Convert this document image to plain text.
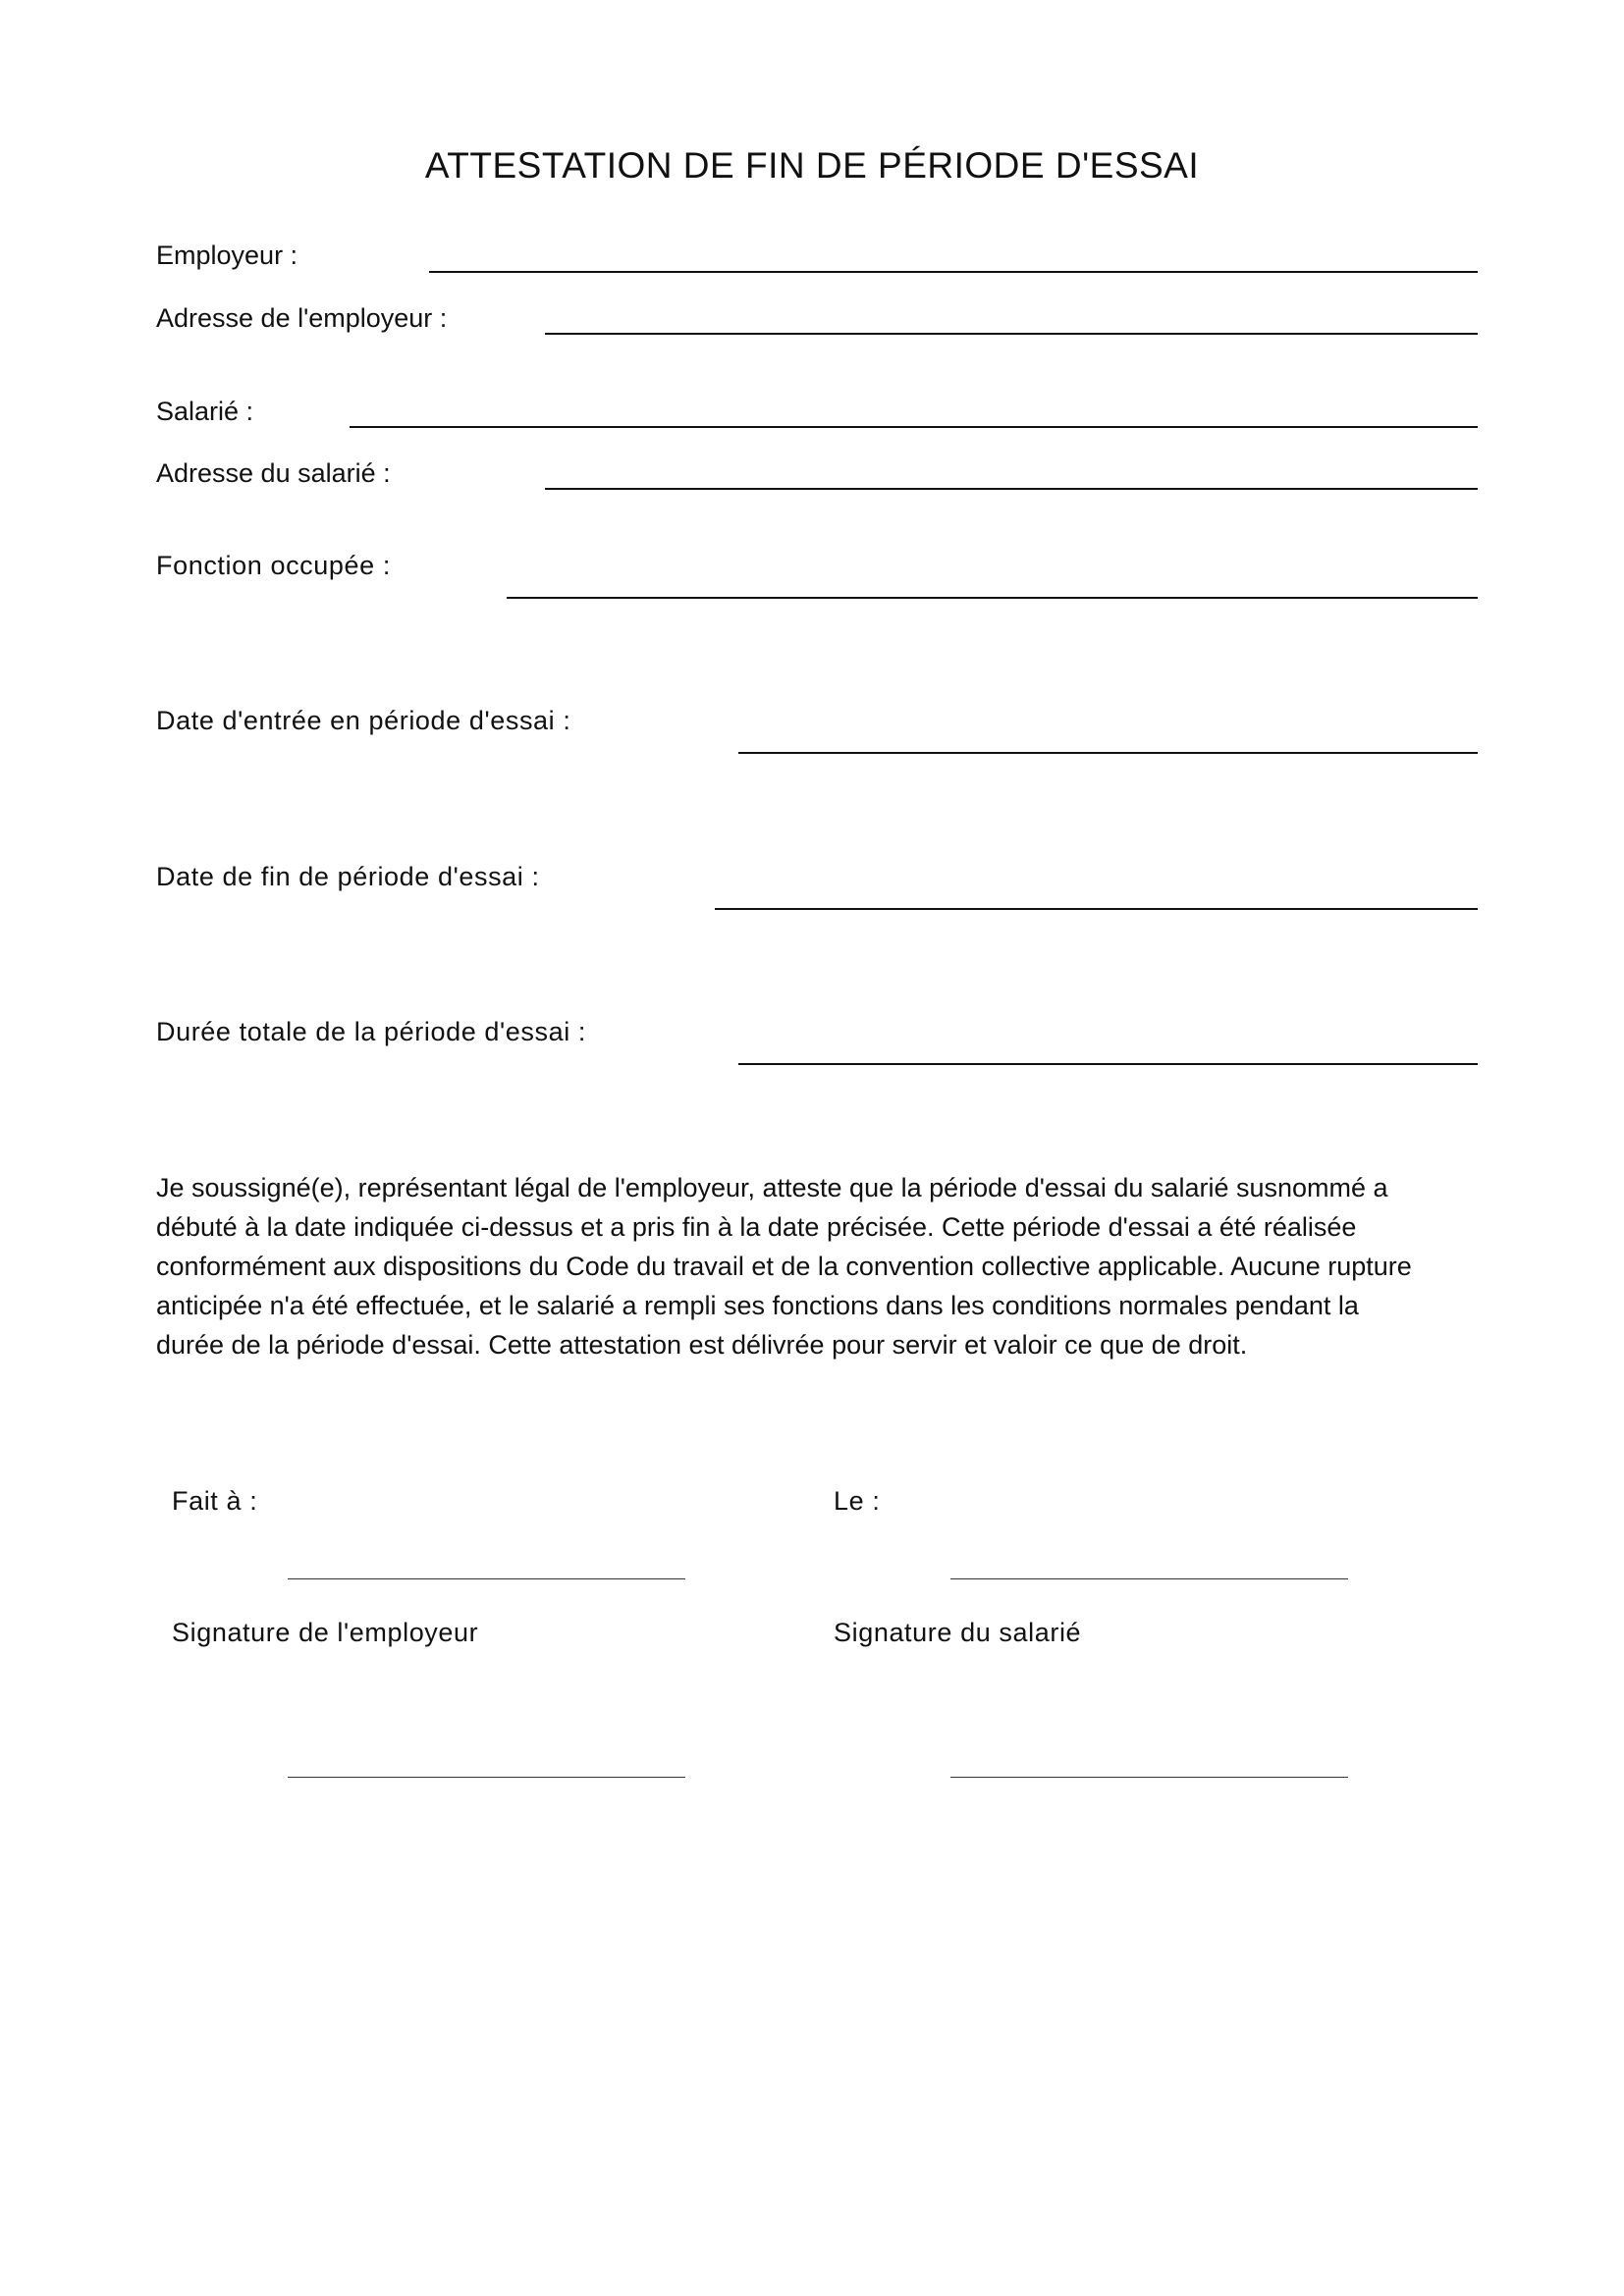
ATTESTATION DE FIN DE PÉRIODE D'ESSAI
Employeur :
Adresse de l'employeur :
Salarié :
Adresse du salarié :
Fonction occupée :
Date d'entrée en période d'essai :
Date de fin de période d'essai :
Durée totale de la période d'essai :

Je soussigné(e), représentant légal de l'employeur, atteste que la période d'essai du salarié susnommé a
débuté à la date indiquée ci-dessus et a pris fin à la date précisée. Cette période d'essai a été réalisée
conformément aux dispositions du Code du travail et de la convention collective applicable. Aucune rupture
anticipée n'a été effectuée, et le salarié a rempli ses fonctions dans les conditions normales pendant la
durée de la période d'essai. Cette attestation est délivrée pour servir et valoir ce que de droit.

Fait à :	Le :
Signature de l'employeur	Signature du salarié
